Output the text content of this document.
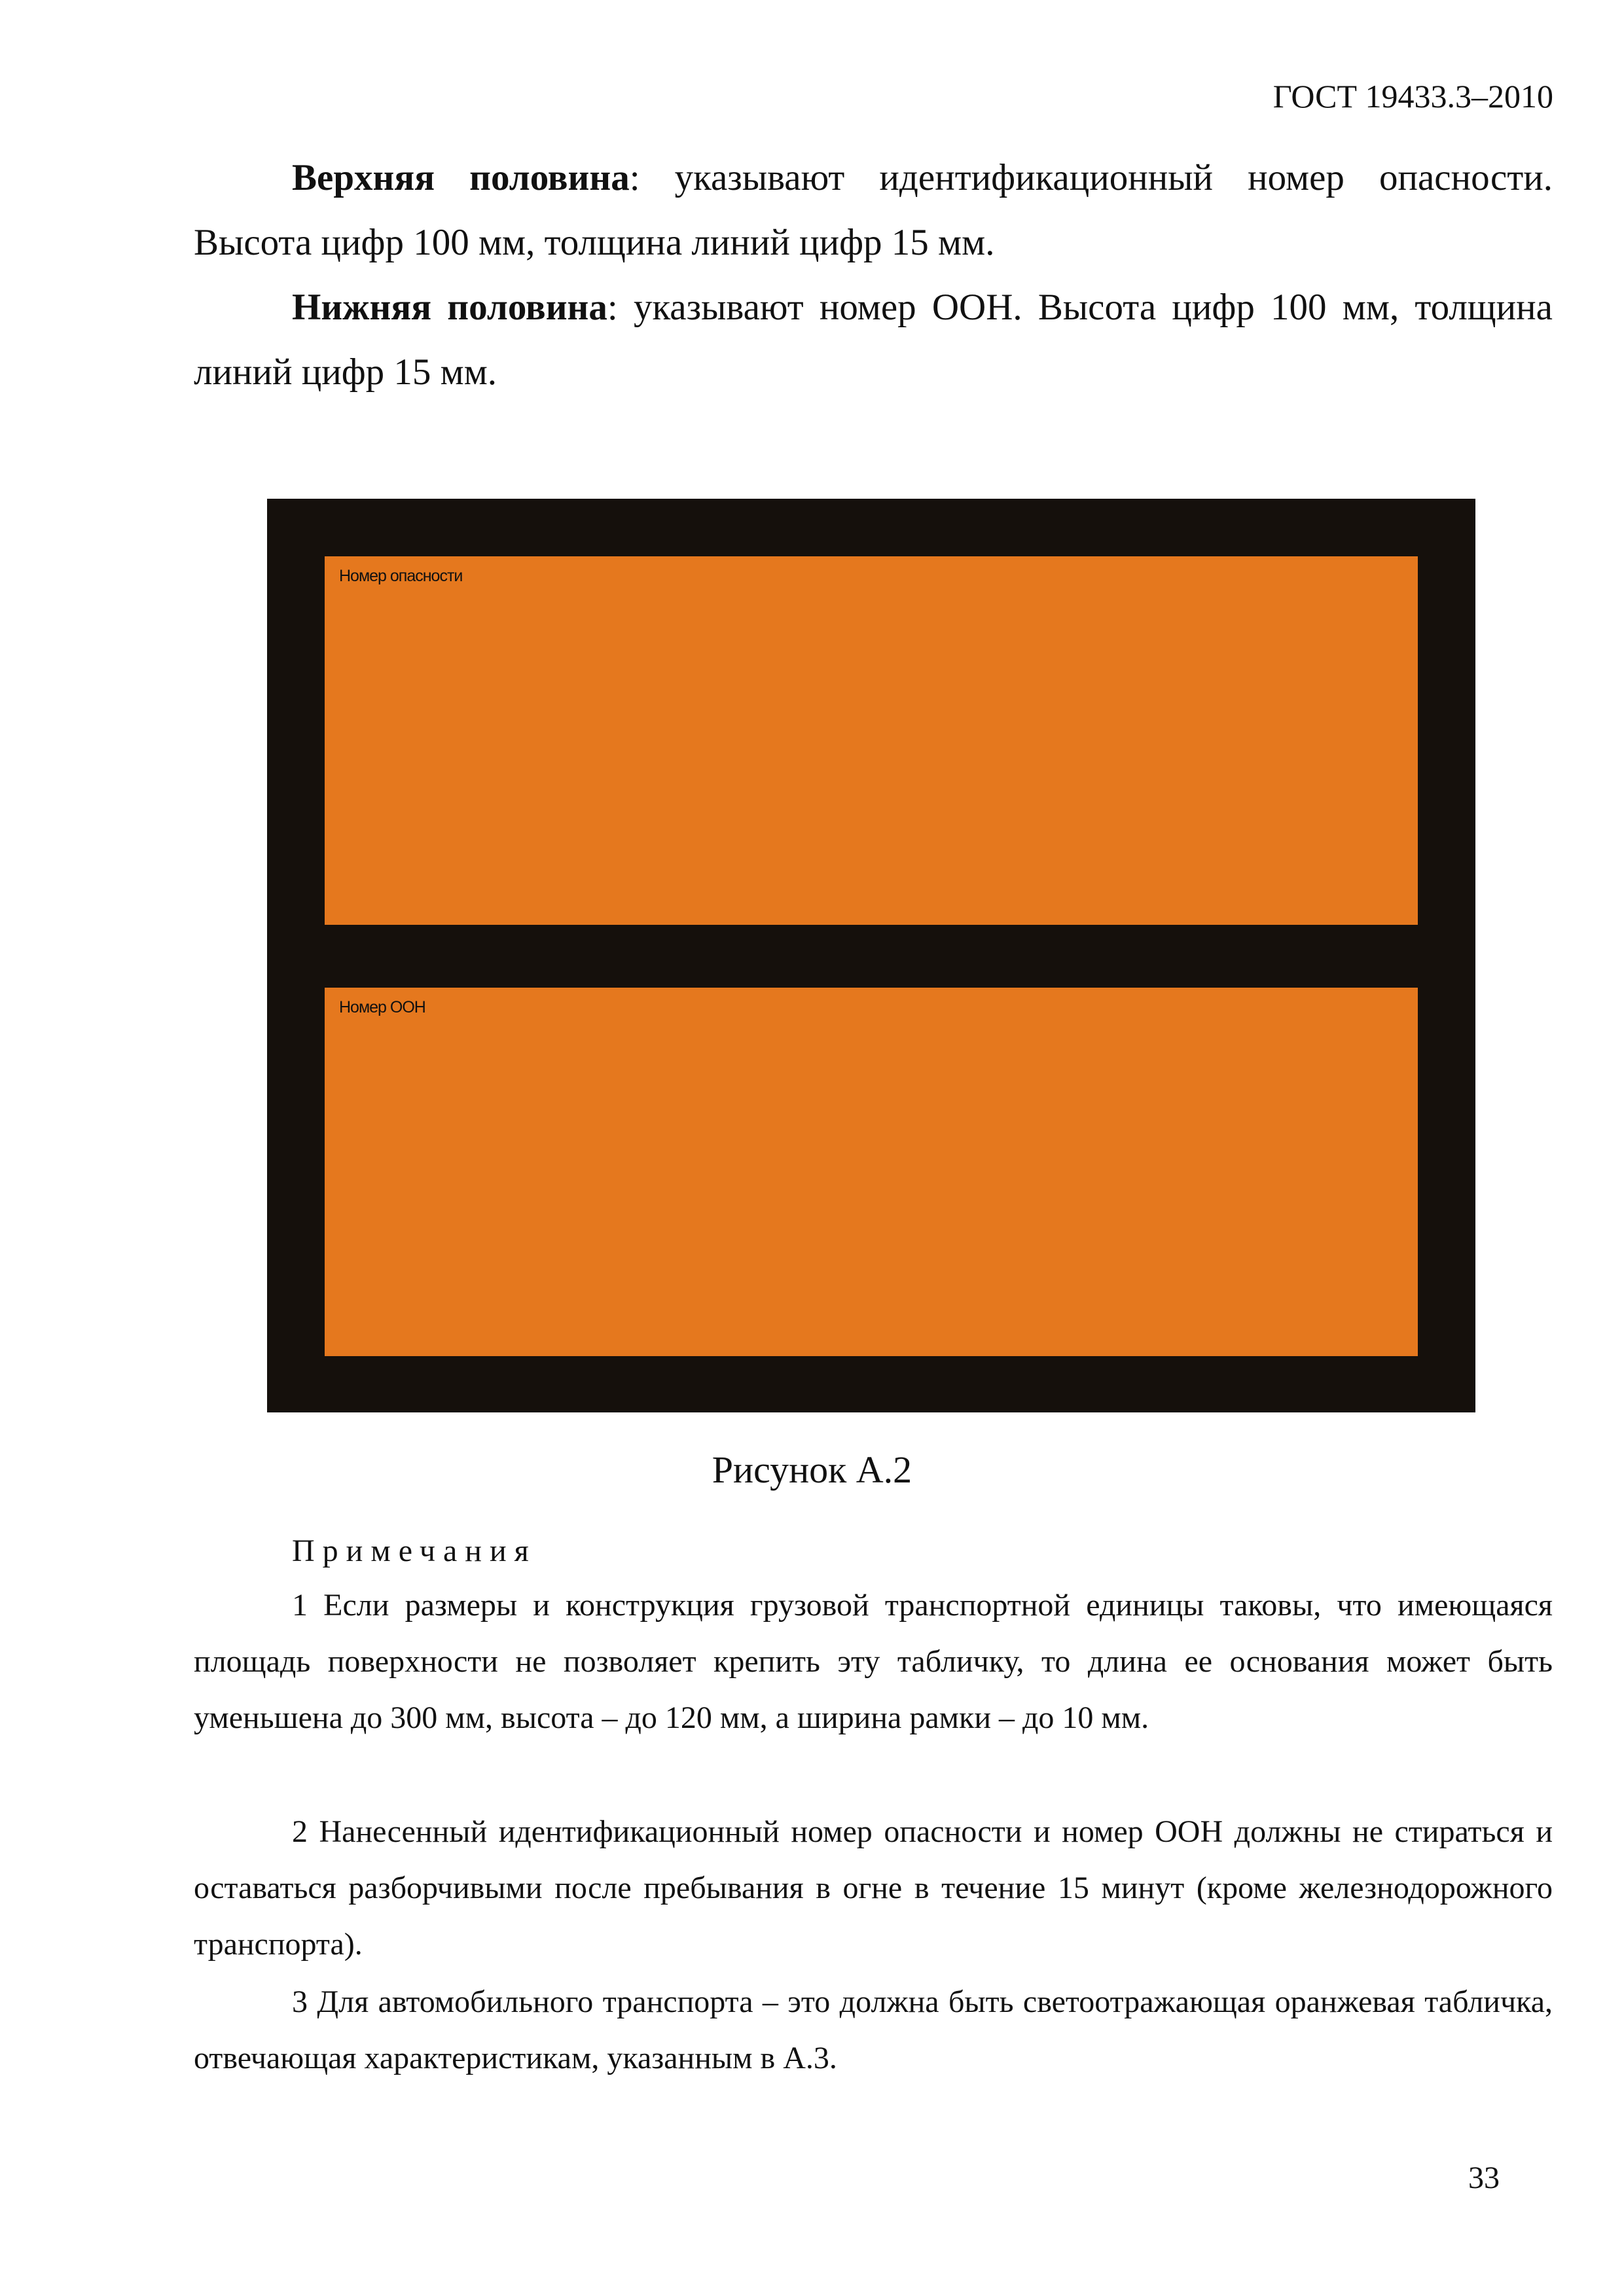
ГОСТ 19433.3–2010

Верхняя половина: указывают идентификационный номер опасности. Высота цифр 100 мм, толщина линий цифр 15 мм.

Нижняя половина: указывают номер ООН. Высота цифр 100 мм, толщина линий цифр 15 мм.

Номер опасности
Номер ООН
Рисунок А.2
Примечания

1 Если размеры и конструкция грузовой транспортной единицы таковы, что имеющаяся площадь поверхности не позволяет крепить эту табличку, то длина ее основания может быть уменьшена до 300 мм, высота – до 120 мм, а ширина рамки – до 10 мм.

2 Нанесенный идентификационный номер опасности и номер ООН должны не стираться и оставаться разборчивыми после пребывания в огне в течение 15 минут (кроме железнодорожного транспорта).

3 Для автомобильного транспорта – это должна быть светоотражающая оранжевая табличка, отвечающая характеристикам, указанным в А.3.

33
